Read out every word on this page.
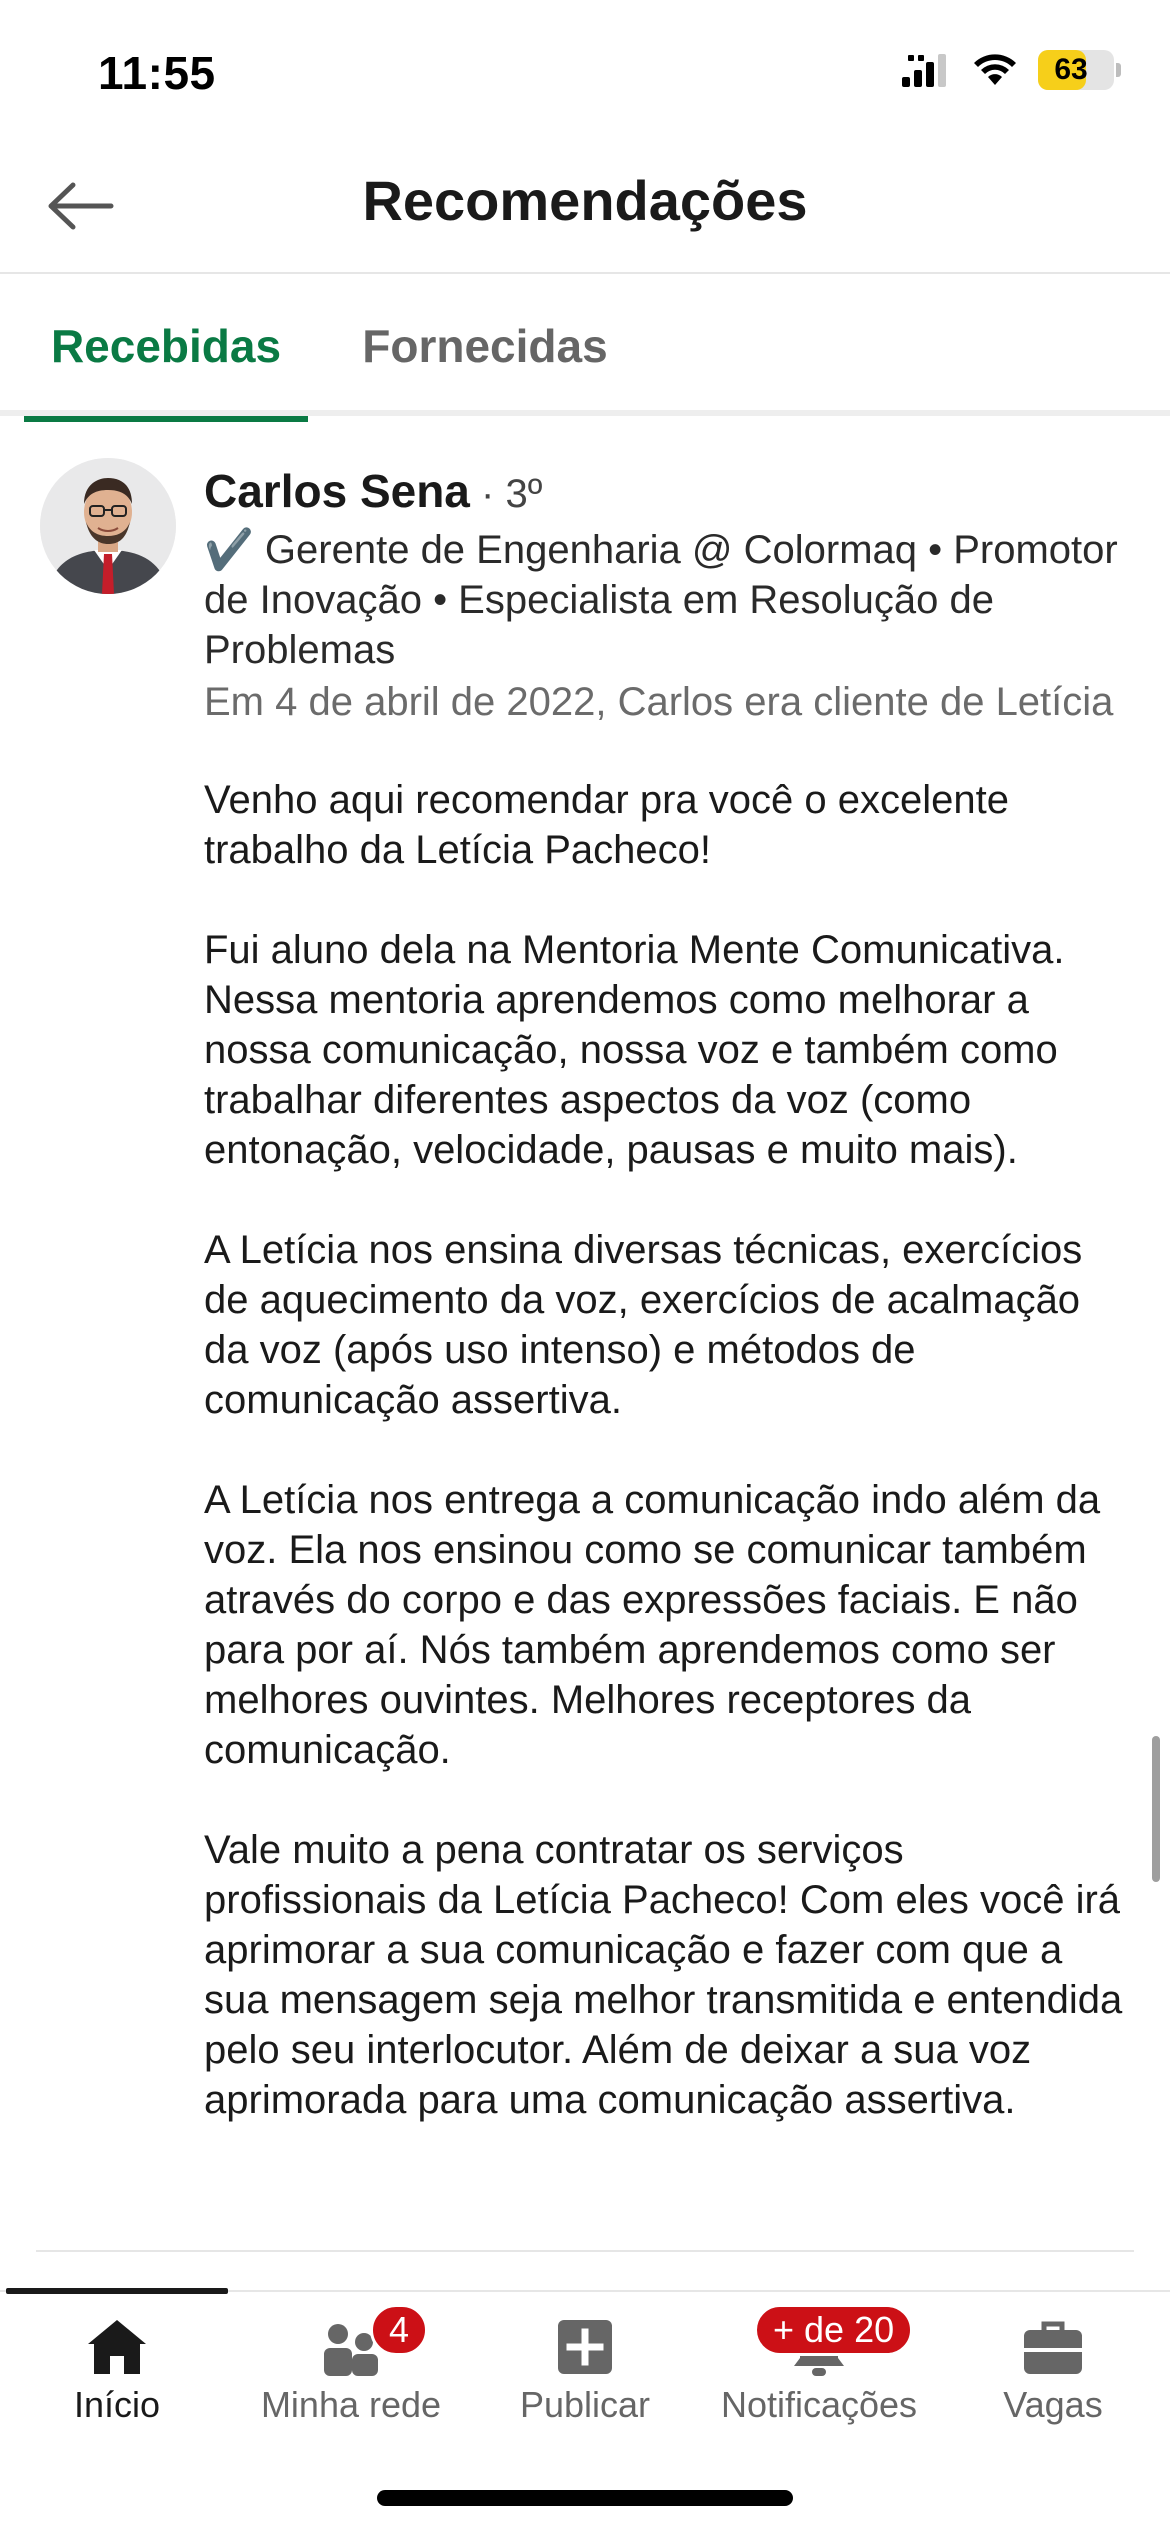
11:55	63
Recomendações
Recebidas	Fornecidas
Carlos Sena · 3º
✔️ Gerente de Engenharia @ Colormaq • Promotor de Inovação • Especialista em Resolução de Problemas
Em 4 de abril de 2022, Carlos era cliente de Letícia

Venho aqui recomendar pra você o excelente trabalho da Letícia Pacheco!

Fui aluno dela na Mentoria Mente Comunicativa. Nessa mentoria aprendemos como melhorar a nossa comunicação, nossa voz e também como trabalhar diferentes aspectos da voz (como entonação, velocidade, pausas e muito mais).

A Letícia nos ensina diversas técnicas, exercícios de aquecimento da voz, exercícios de acalmação da voz (após uso intenso) e métodos de comunicação assertiva.

A Letícia nos entrega a comunicação indo além da voz. Ela nos ensinou como se comunicar também através do corpo e das expressões faciais. E não para por aí. Nós também aprendemos como ser melhores ouvintes. Melhores receptores da comunicação.

Vale muito a pena contratar os serviços profissionais da Letícia Pacheco! Com eles você irá aprimorar a sua comunicação e fazer com que a sua mensagem seja melhor transmitida e entendida pelo seu interlocutor. Além de deixar a sua voz aprimorada para uma comunicação assertiva.

Início
4
Minha rede	Publicar
+ de 20
Notificações	Vagas
